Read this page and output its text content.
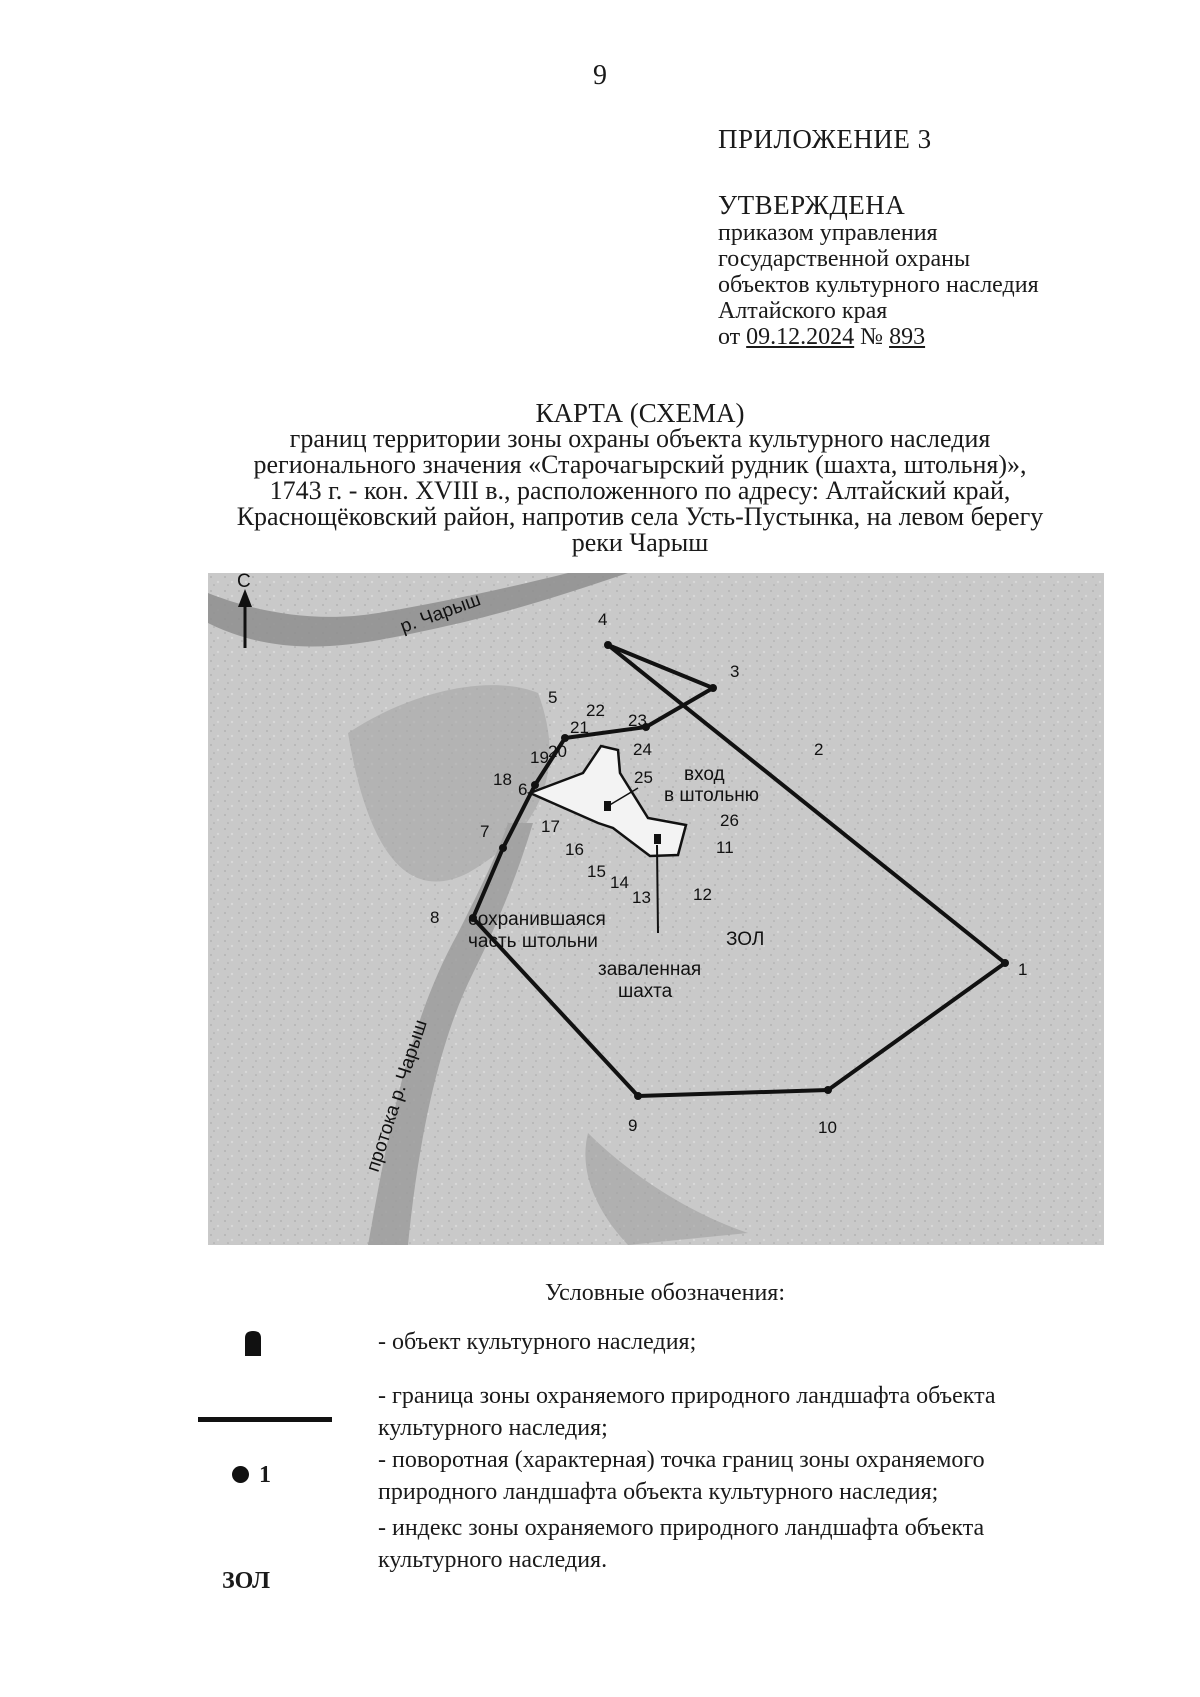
9
ПРИЛОЖЕНИЕ 3
УТВЕРЖДЕНА
приказом управления
государственной охраны
объектов культурного наследия
Алтайского края
от 09.12.2024 № 893
КАРТА (СХЕМА)
границ территории зоны охраны объекта культурного наследия
регионального значения «Старочагырский рудник (шахта, штольня)»,
1743 г. - кон. XVIII в., расположенного по адресу: Алтайский край,
Краснощёковский район, напротив села Усть-Пустынка, на левом берегу
реки Чарыш
С
р. Чарыш
протока р. Чарыш
1
10
9
8
7
6
5
4
3
2
11
12
13
14
15
16
17
18
19 20
21
22
23
24
25
26
вход
в штольню
сохранившаяся
часть штольни
заваленная
шахта
ЗОЛ
Условные обозначения:
- объект культурного наследия;
- граница зоны охраняемого природного ландшафта объекта
культурного наследия;
1
- поворотная (характерная) точка границ зоны охраняемого
природного ландшафта объекта культурного наследия;
ЗОЛ
- индекс зоны охраняемого природного ландшафта объекта
культурного наследия.
